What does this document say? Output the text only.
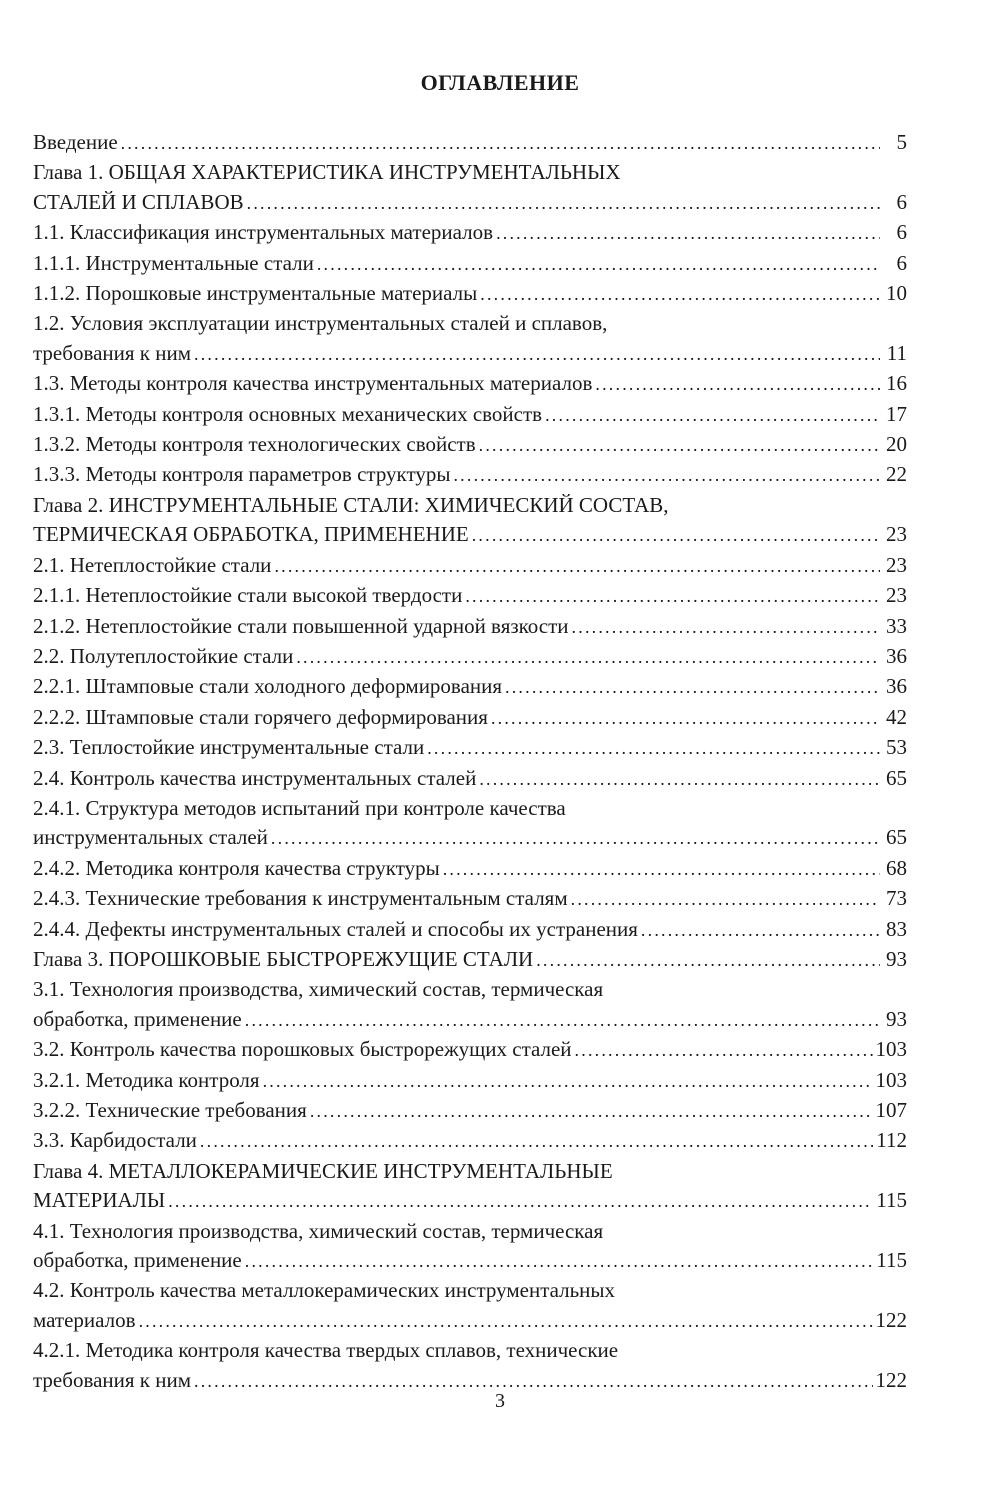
ОГЛАВЛЕНИЕ
Введение .....	5
Глава 1. ОБЩАЯ ХАРАКТЕРИСТИКА ИНСТРУМЕНТАЛЬНЫХ
СТАЛЕЙ И СПЛАВОВ .....	6
1.1. Классификация инструментальных материалов .....	6
1.1.1. Инструментальные стали .....	6
1.1.2. Порошковые инструментальные материалы .....	10
1.2. Условия эксплуатации инструментальных сталей и сплавов,
требования к ним .....	11
1.3. Методы контроля качества инструментальных материалов .....	16
1.3.1. Методы контроля основных механических свойств .....	17
1.3.2. Методы контроля технологических свойств .....	20
1.3.3. Методы контроля параметров структуры .....	22
Глава 2. ИНСТРУМЕНТАЛЬНЫЕ СТАЛИ: ХИМИЧЕСКИЙ СОСТАВ,
ТЕРМИЧЕСКАЯ ОБРАБОТКА, ПРИМЕНЕНИЕ .....	23
2.1. Нетеплостойкие стали .....	23
2.1.1. Нетеплостойкие стали высокой твердости .....	23
2.1.2. Нетеплостойкие стали повышенной ударной вязкости .....	33
2.2. Полутеплостойкие стали .....	36
2.2.1. Штамповые стали холодного деформирования .....	36
2.2.2. Штамповые стали горячего деформирования .....	42
2.3. Теплостойкие инструментальные стали .....	53
2.4. Контроль качества инструментальных сталей .....	65
2.4.1. Структура методов испытаний при контроле качества
инструментальных сталей .....	65
2.4.2. Методика контроля качества структуры .....	68
2.4.3. Технические требования к инструментальным сталям .....	73
2.4.4. Дефекты инструментальных сталей и способы их устранения .....	83
Глава 3. ПОРОШКОВЫЕ БЫСТРОРЕЖУЩИЕ СТАЛИ .....	93
3.1. Технология производства, химический состав, термическая
обработка, применение .....	93
3.2. Контроль качества порошковых быстрорежущих сталей .....	103
3.2.1. Методика контроля .....	103
3.2.2. Технические требования .....	107
3.3. Карбидостали .....	112
Глава 4. МЕТАЛЛОКЕРАМИЧЕСКИЕ ИНСТРУМЕНТАЛЬНЫЕ
МАТЕРИАЛЫ .....	115
4.1. Технология производства, химический состав, термическая
обработка, применение .....	115
4.2. Контроль качества металлокерамических инструментальных
материалов .....	122
4.2.1. Методика контроля качества твердых сплавов, технические
требования к ним .....	122
3
